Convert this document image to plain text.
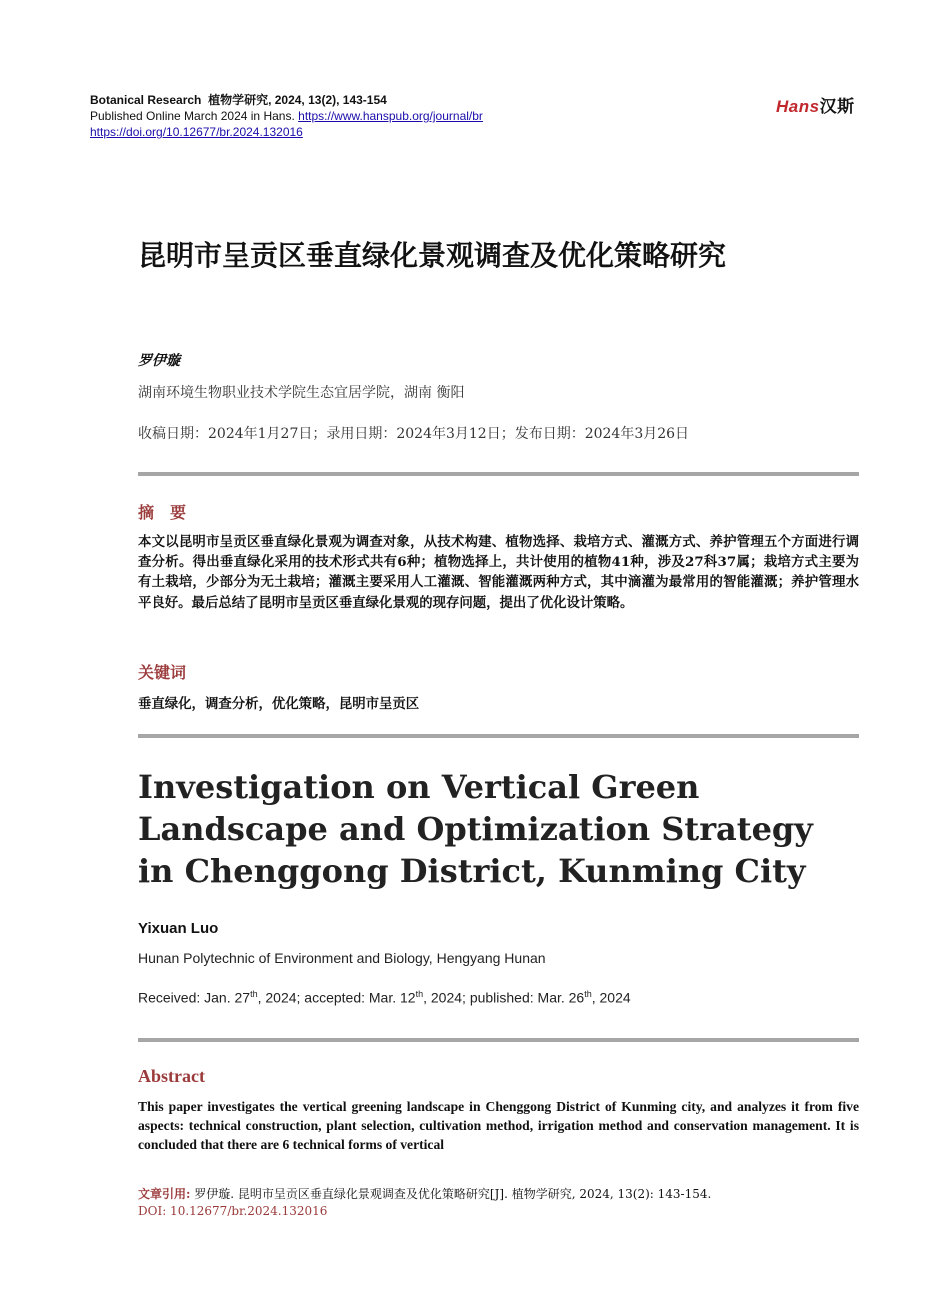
Botanical Research 植物学研究, 2024, 13(2), 143-154
Published Online March 2024 in Hans. https://www.hanspub.org/journal/br
https://doi.org/10.12677/br.2024.132016
Hans汉斯
昆明市呈贡区垂直绿化景观调查及优化策略研究
罗伊璇
湖南环境生物职业技术学院生态宜居学院，湖南 衡阳
收稿日期：2024年1月27日；录用日期：2024年3月12日；发布日期：2024年3月26日
摘　要
本文以昆明市呈贡区垂直绿化景观为调查对象，从技术构建、植物选择、栽培方式、灌溉方式、养护管理五个方面进行调查分析。得出垂直绿化采用的技术形式共有6种；植物选择上，共计使用的植物41种，涉及27科37属；栽培方式主要为有土栽培，少部分为无土栽培；灌溉主要采用人工灌溉、智能灌溉两种方式，其中滴灌为最常用的智能灌溉；养护管理水平良好。最后总结了昆明市呈贡区垂直绿化景观的现存问题，提出了优化设计策略。
关键词
垂直绿化，调查分析，优化策略，昆明市呈贡区
Investigation on Vertical Green Landscape and Optimization Strategy in Chenggong District, Kunming City
Yixuan Luo
Hunan Polytechnic of Environment and Biology, Hengyang Hunan
Received: Jan. 27th, 2024; accepted: Mar. 12th, 2024; published: Mar. 26th, 2024
Abstract
This paper investigates the vertical greening landscape in Chenggong District of Kunming city, and analyzes it from five aspects: technical construction, plant selection, cultivation method, irrigation method and conservation management. It is concluded that there are 6 technical forms of vertical
文章引用: 罗伊璇. 昆明市呈贡区垂直绿化景观调查及优化策略研究[J]. 植物学研究, 2024, 13(2): 143-154.
DOI: 10.12677/br.2024.132016
